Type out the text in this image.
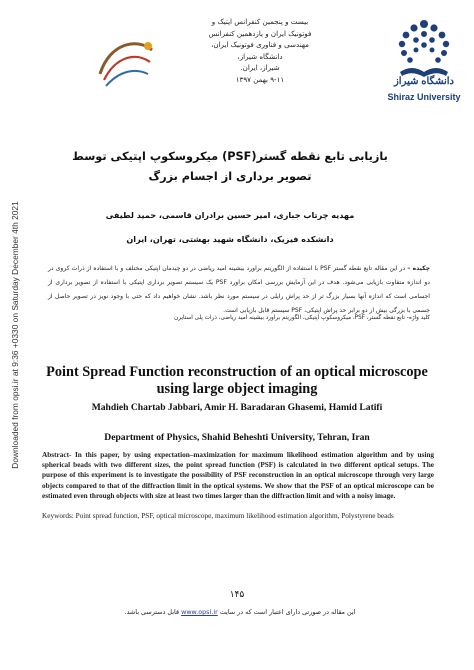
Downloaded from opsi.ir at 9:36 +0330 on Saturday December 4th 2021
دانشگاه شیراز
Shiraz University
بیست و پنجمین کنفرانس اپتیک و
فوتونیک ایران و یازدهمین کنفرانس
مهندسی و فناوری فوتونیک ایران،
دانشگاه شیراز،
شیراز، ایران.
۹-۱۱ بهمن ۱۳۹۷
بازیابی تابع نقطه گستر(PSF) میکروسکوپ اپتیکی توسط
تصویر برداری از اجسام بزرگ
مهدیه چرتاب جباری، امیر حسین برادران قاسمی، حمید لطیفی
دانشکده فیزیک، دانشگاه شهید بهشتی، تهران، ایران
چکیده – در این مقاله تابع نقطه گستر PSF با استفاده از الگوریتم براورد بیشینه امید ریاضی در دو چیدمان اپتیکی مختلف و با استفاده از ذرات کروی در دو اندازه متفاوت بازیابی می‌شود. هدف در این آزمایش بررسی امکان براورد PSF یک سیستم تصویر برداری اپتیکی با استفاده از تصویر برداری از اجسامی است که اندازه آنها بسیار بزرگ تر از حد پراش رایلی در سیستم مورد نظر باشد. نشان خواهیم داد که حتی با وجود نویز در تصویر حاصل از جسمی با بزرگی بیش از دو برابر حد پراش اپتیکی، PSF سیستم قابل بازیابی است.
کلید واژه- تابع نقطه گستر، PSF، میکروسکوپ اپتیکی، الگوریتم براورد بیشینه امید ریاضی، ذرات پلی استایرن
Point Spread Function reconstruction of an optical microscope
using large object imaging
Mahdieh Chartab Jabbari, Amir H. Baradaran Ghasemi, Hamid Latifi
Department of Physics, Shahid Beheshti University, Tehran, Iran
Abstract- In this paper, by using expectation–maximization for maximum likelihood estimation algorithm and by using spherical beads with two different sizes, the point spread function (PSF) is calculated in two different optical setups. The purpose of this experiment is to investigate the possibility of PSF reconstruction in an optical microscope through very large objects compared to that of the diffraction limit in the optical systems. We show that the PSF of an optical microscope can be estimated even through objects with size at least two times larger than the diffraction limit and with a noisy image.
Keywords: Point spread function, PSF, optical microscope, maximum likelihood estimation algorithm, Polystyrene beads
۱۴۵
این مقاله در صورتی دارای اعتبار است که در سایت www.opsi.ir قابل دسترسی باشد.
